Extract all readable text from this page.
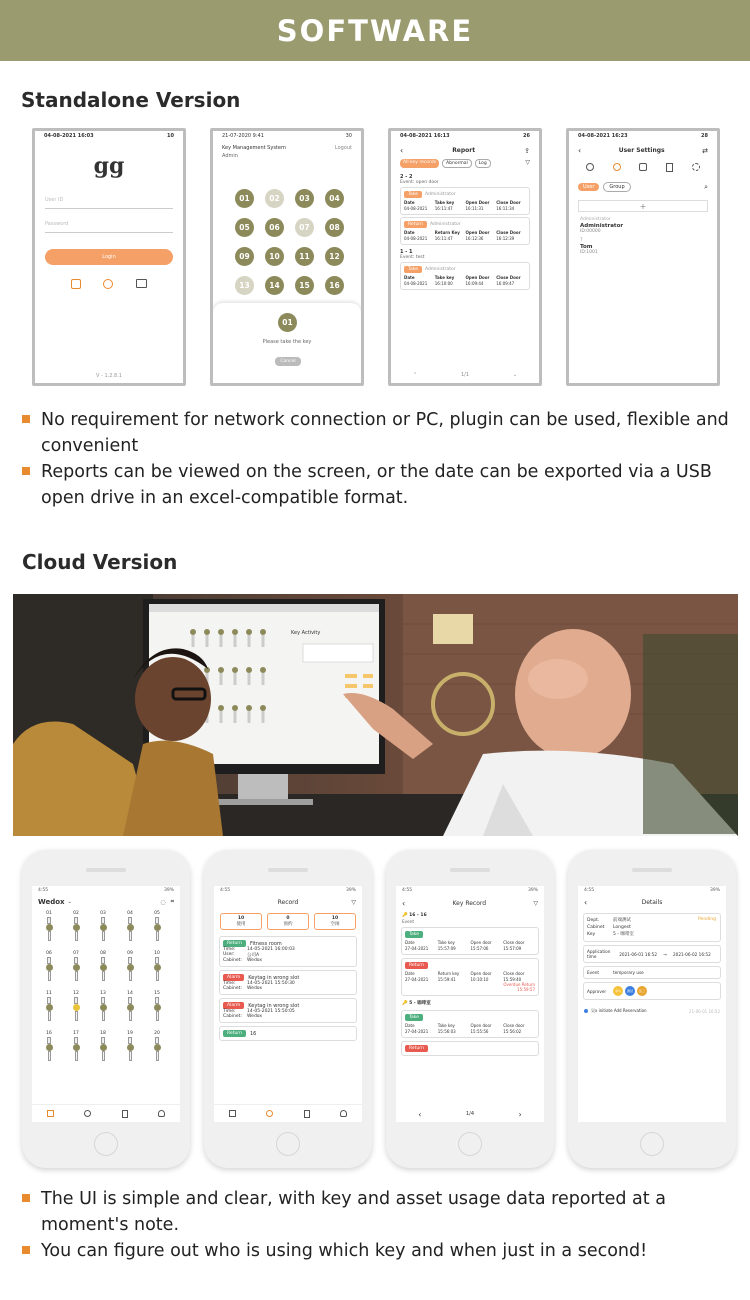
SOFTWARE
Standalone Version
04-08-2021 16:03	10
gg
User ID
Password
Login
V - 1.2.8.1
21-07-2020 9:41	30
Key Management System	Logout
Admin
01	02	03	04
05	06	07	08
09	10	11	12
13	14	15	16
01
Please take the key
Cancel
04-08-2021 16:13	26
‹	Report	⇪
All key records	Abnormal	Log	▽
2 - 2
Event: open door
Take	Administrator
Date	Take key	Open Door	Close Door
04-08-2021	16:11:47	16:11:31	16:11:34
Return	Administrator
Date	Return Key	Open Door	Close Door
04-08-2021	16:11:47	16:12:36	16:12:39
1 - 1
Event: test
Take	Administrator
Date	Take key	Open Door	Close Door
04-08-2021	16:10:00	16:09:44	16:09:47
⌃	1/1	⌄
04-08-2021 16:23	28
‹	User Settings	⇄
User	Group	⌕
+
Administrator
Administrator
ID:00000
T
Tom
ID:1001
No requirement for network connection or PC, plugin can be used, flexible and convenient
Reports can be viewed on the screen, or the date can be exported via a USB open drive in an excel-compatible format.
Cloud Version
Key Activity
4:55	39%
Wedox ⌄	◌ ⌗
01	02	03	04	05
06	07	08	09	10
11	12	13	14	15
16	17	18	19	20
4:55	39%
Record	▽
10
使用
0
预约
10
空闲
Return	Fitness room
Time:	14-05-2021 16:00:03
User:	公司A
Cabinet:	Wedox
Alarm	Keytag in wrong slot
Time:	14-05-2021 15:50:30
Cabinet:	Wedox
Alarm	Keytag in wrong slot
Time:	14-05-2021 15:50:05
Cabinet:	Wedox
Return	16
4:55	39%
‹	Key Record	▽
🔑 16 - 16
Event
Take
Date	Take key	Open door	Close door
27-04-2021	15:57:09	15:57:06	15:57:09
Return
Date	Return key	Open door	Close door
27-04-2021	15:59:41	10:10:10	15:59:40
Overdue Return
15:59:57
🔑 5 - 咖啡室
Take
Date	Take key	Open door	Close door
27-04-2021	15:56:03	15:55:56	15:56:02
Return
‹	1/4	›
4:55	39%
‹	Details
Pending
Dept.	前端测试
Cabinet	Longest
Key	5 - 咖啡室
Application time	2021-06-01 16:52	→	2021-06-02 16:52
Event	temporary use
Approver	李兵	测试	张三
吴x initiate Add Reservation	21-06-01 16:52
The UI is simple and clear, with key and asset usage data reported at a moment's note.
You can figure out who is using which key and when just in a second!
